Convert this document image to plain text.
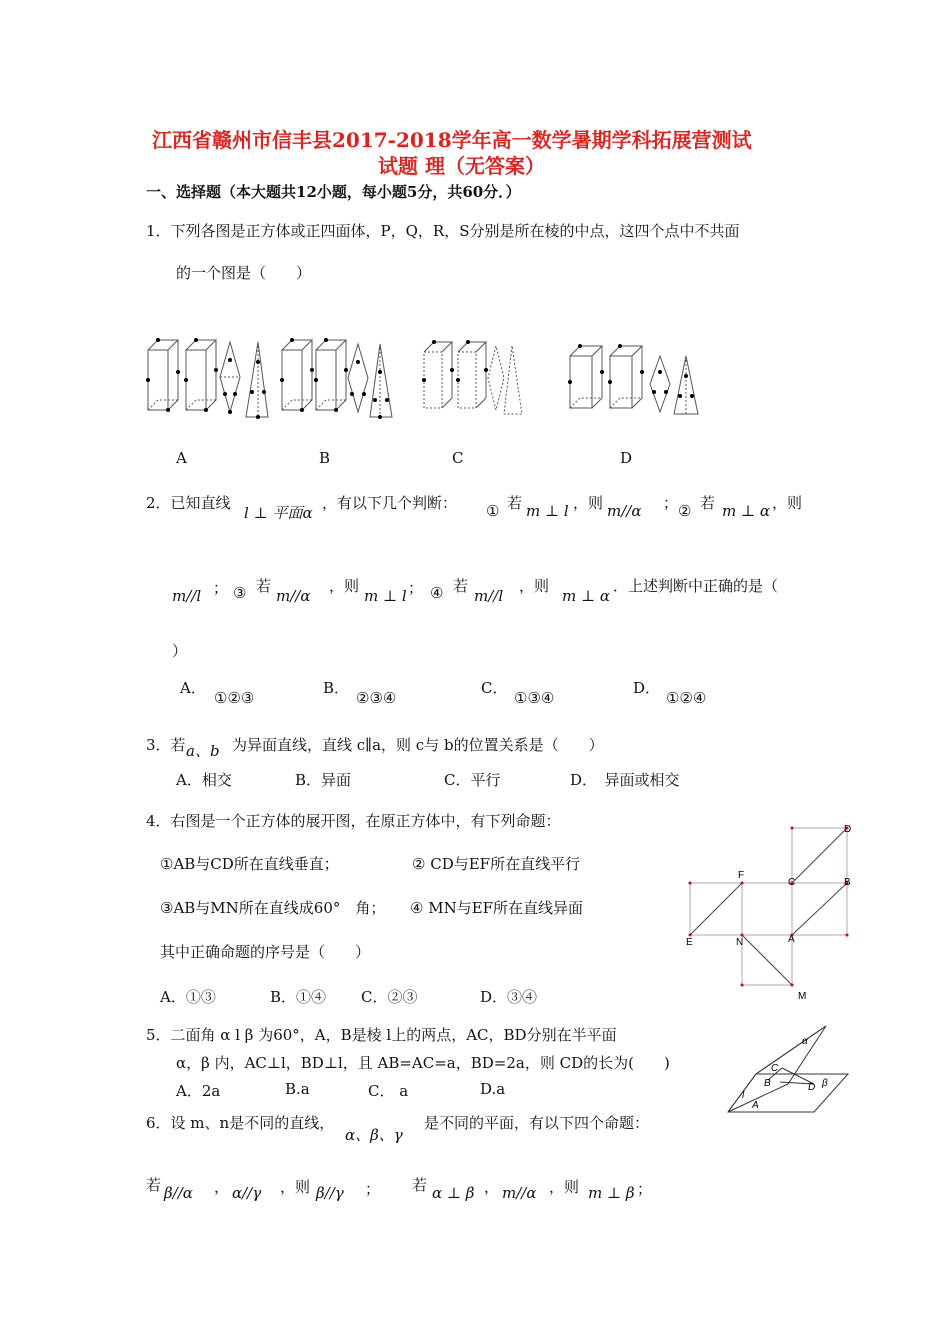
江西省赣州市信丰县2017-2018学年高一数学暑期学科拓展营测试
试题 理（无答案）
一、选择题（本大题共12小题，每小题5分，共60分．）
1．下列各图是正方体或正四面体，P，Q，R，S分别是所在棱的中点，这四个点中不共面
的一个图是（　　）
A	B	C	D
2．已知直线
l ⊥ 平面α
，有以下几个判断： ① 若 m ⊥ l ，则 m//α ； ② 若 m ⊥ α ，则
m//l ； ③ 若
m//α
，则
m ⊥ l ； ④ 若
m//l
，则
m ⊥ α
．上述判断中正确的是（
）
A．
①②③
B．
②③④
C．
①③④
D．
①②④
3．若 a、b 为异面直线，直线 c∥a，则 c与 b的位置关系是（　　）
A．相交	B．异面	C．平行	D．　异面或相交
4．右图是一个正方体的展开图，在原正方体中，有下列命题：
①AB与CD所在直线垂直；	② CD与EF所在直线平行
③AB与MN所在直线成60°　角； ④ MN与EF所在直线异面
其中正确命题的序号是（　　）
A．①③	B．①④ C．②③	D．③④
D
F
C	B
E	N	A
M
5．二面角 α l β 为60°，A，B是棱 l上的两点，AC，BD分别在半平面
α，β 内，AC⊥l，BD⊥l，且 AB=AC=a，BD=2a，则 CD的长为(　　)
A．2a	B.a	C． a	D.a
α
C
B	D β
l
A
6．设 m、n是不同的直线，
α、β、γ
是不同的平面，有以下四个命题：
若 β//α ， α//γ ，则 β//γ ； 若 α ⊥ β ， m//α ，则 m ⊥ β ；
